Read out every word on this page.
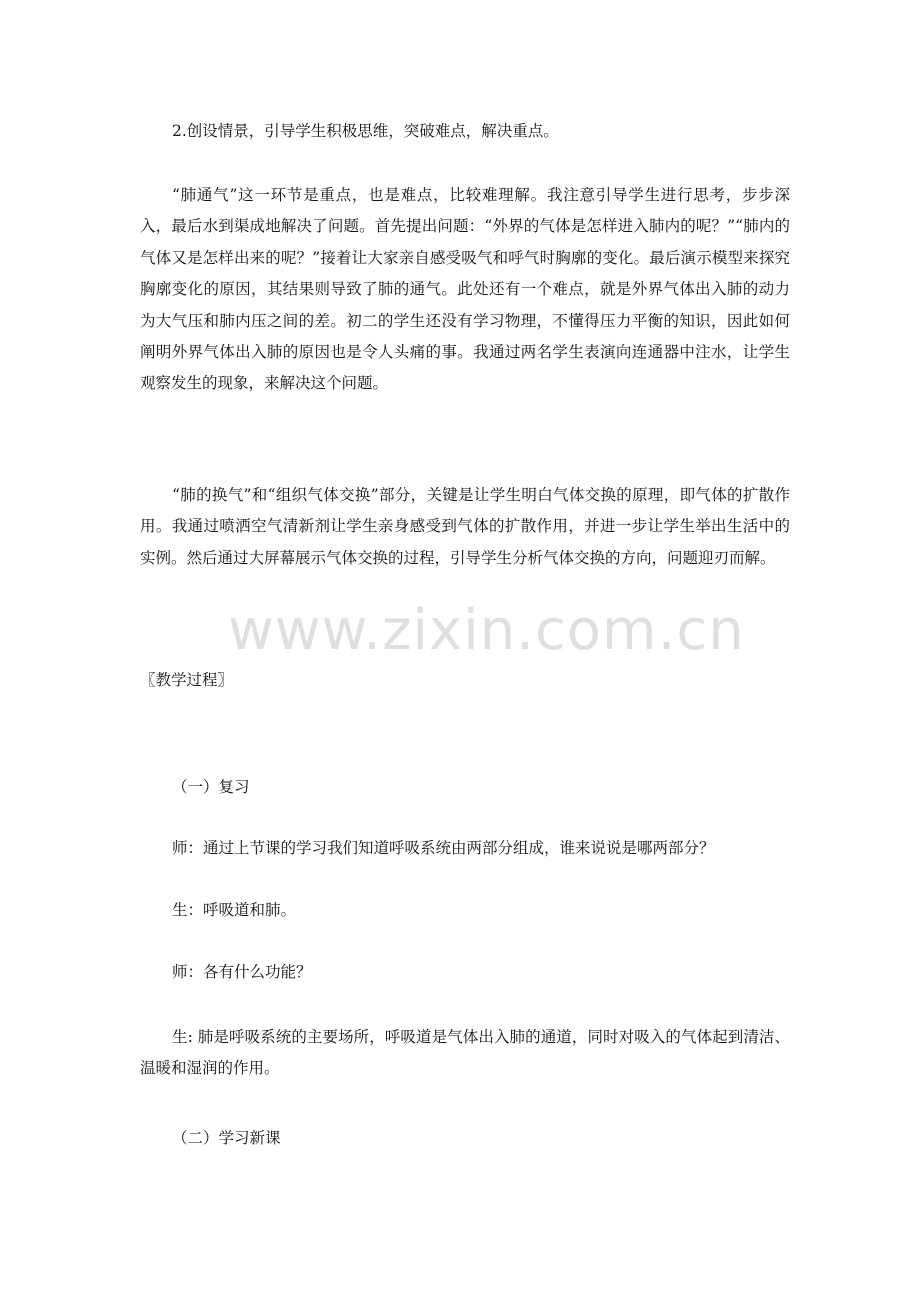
2.创设情景，引导学生积极思维，突破难点，解决重点。

“肺通气”这一环节是重点，也是难点，比较难理解。我注意引导学生进行思考，步步深入，最后水到渠成地解决了问题。首先提出问题：“外界的气体是怎样进入肺内的呢？”“肺内的气体又是怎样出来的呢？”接着让大家亲自感受吸气和呼气时胸廓的变化。最后演示模型来探究胸廓变化的原因，其结果则导致了肺的通气。此处还有一个难点，就是外界气体出入肺的动力为大气压和肺内压之间的差。初二的学生还没有学习物理，不懂得压力平衡的知识，因此如何阐明外界气体出入肺的原因也是令人头痛的事。我通过两名学生表演向连通器中注水，让学生观察发生的现象，来解决这个问题。

“肺的换气”和“组织气体交换”部分，关键是让学生明白气体交换的原理，即气体的扩散作用。我通过喷洒空气清新剂让学生亲身感受到气体的扩散作用，并进一步让学生举出生活中的实例。然后通过大屏幕展示气体交换的过程，引导学生分析气体交换的方向，问题迎刃而解。

www.zixin.com.cn

〖教学过程〗

（一）复习

师：通过上节课的学习我们知道呼吸系统由两部分组成，谁来说说是哪两部分？

生：呼吸道和肺。

师：各有什么功能？

生: 肺是呼吸系统的主要场所，呼吸道是气体出入肺的通道，同时对吸入的气体起到清洁、温暖和湿润的作用。

（二）学习新课
